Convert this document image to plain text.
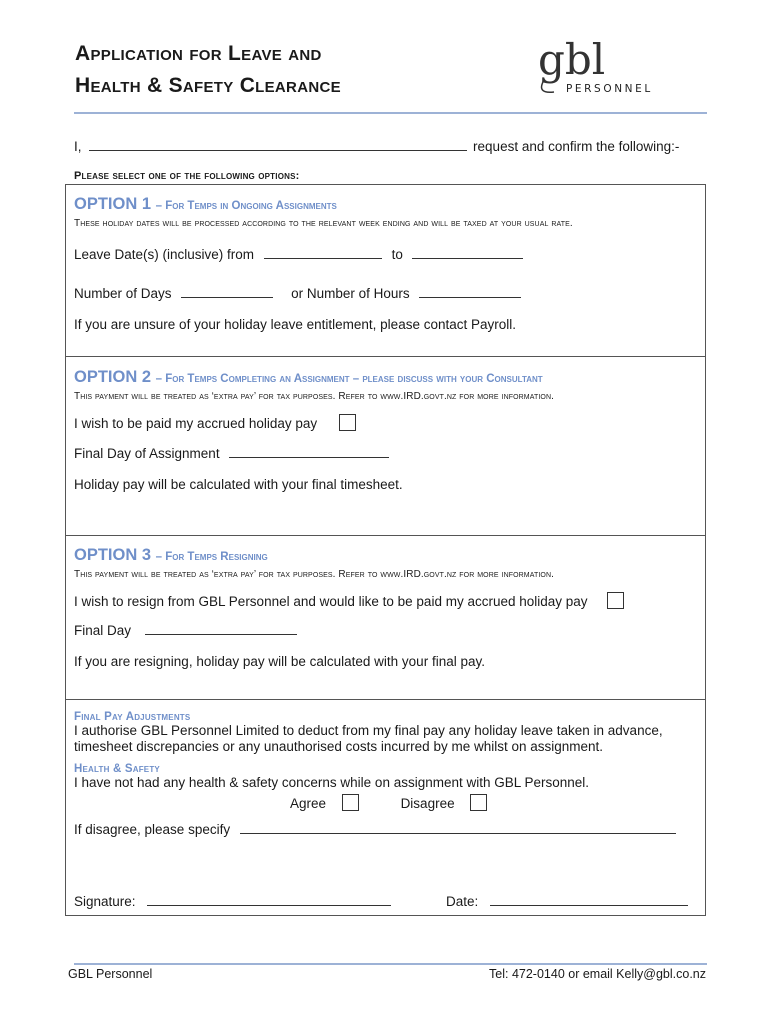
Application for Leave and
Health & Safety Clearance
gbl
PERSONNEL
I,	request and confirm the following:-
Please select one of the following options:
OPTION 1 – For Temps in Ongoing Assignments
These holiday dates will be processed according to the relevant week ending and will be taxed at your usual rate.
Leave Date(s) (inclusive) from	to
Number of Days	or Number of Hours
If you are unsure of your holiday leave entitlement, please contact Payroll.
OPTION 2 – For Temps Completing an Assignment – please discuss with your Consultant
This payment will be treated as ‘extra pay’ for tax purposes. Refer to www.IRD.govt.nz for more information.
I wish to be paid my accrued holiday pay
Final Day of Assignment
Holiday pay will be calculated with your final timesheet.
OPTION 3 – For Temps Resigning
This payment will be treated as ‘extra pay’ for tax purposes. Refer to www.IRD.govt.nz for more information.
I wish to resign from GBL Personnel and would like to be paid my accrued holiday pay
Final Day
If you are resigning, holiday pay will be calculated with your final pay.
Final Pay Adjustments
I authorise GBL Personnel Limited to deduct from my final pay any holiday leave taken in advance, timesheet discrepancies or any unauthorised costs incurred by me whilst on assignment.
Health & Safety
I have not had any health & safety concerns while on assignment with GBL Personnel.
Agree	Disagree
If disagree, please specify
Signature:	Date:
GBL Personnel	Tel: 472-0140 or email Kelly@gbl.co.nz
